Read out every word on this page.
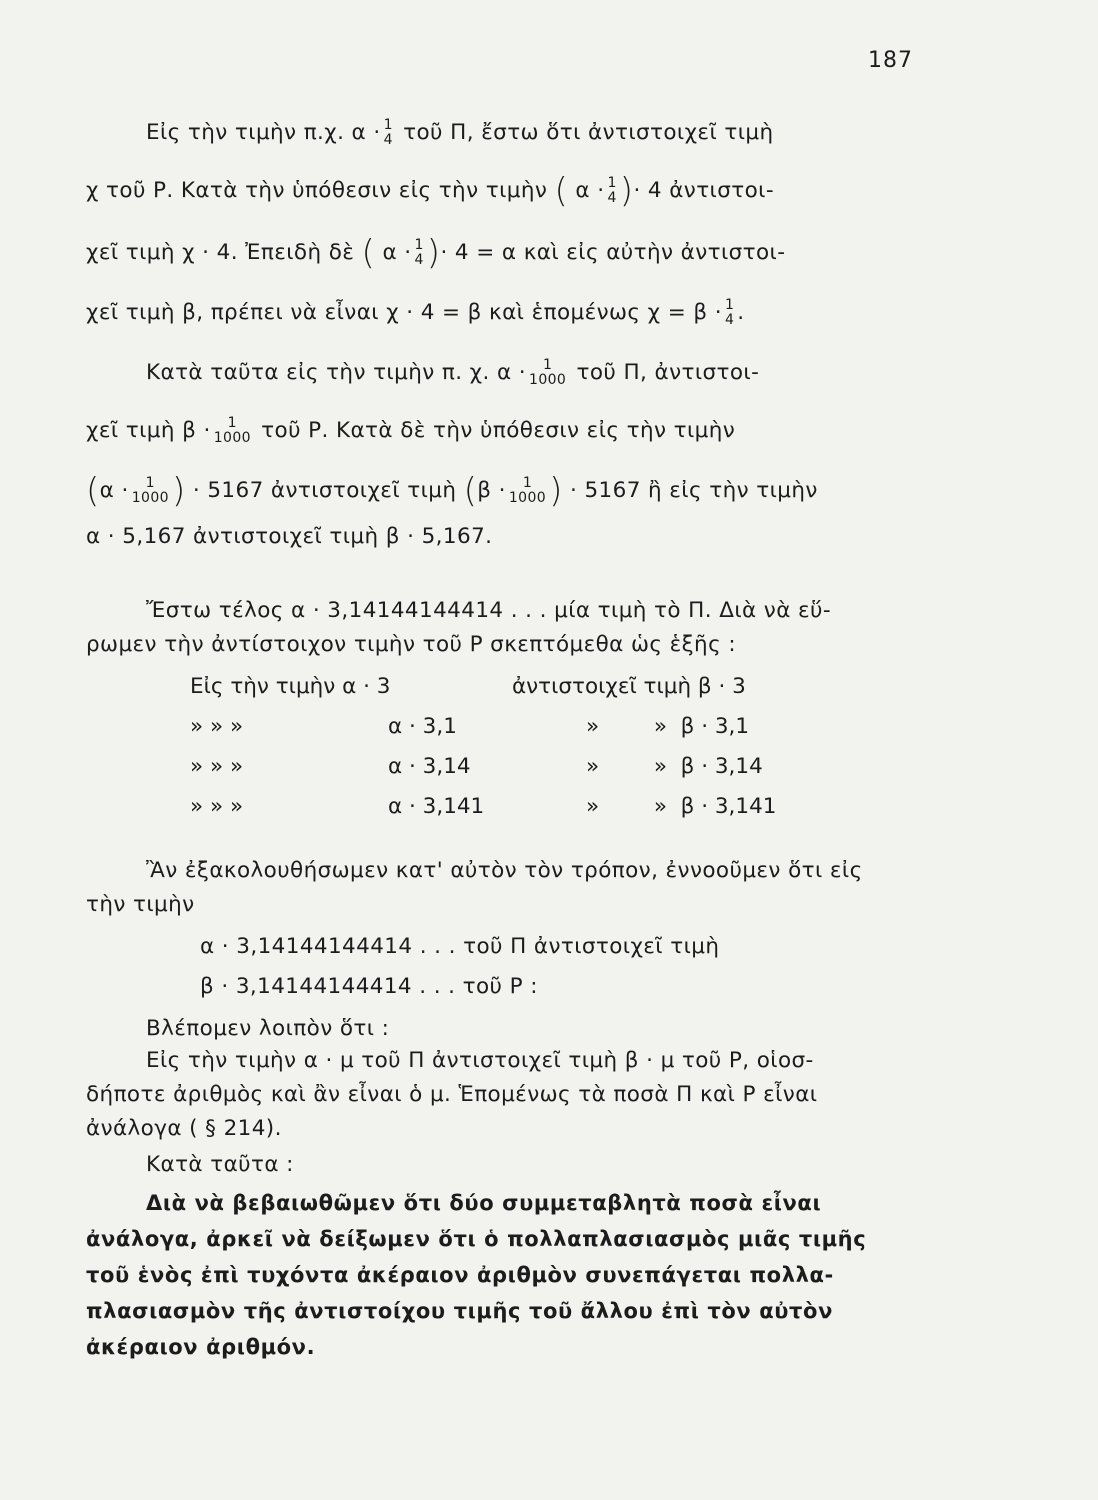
187
Εἰς τὴν τιμὴν π.χ. α · 1
4 τοῦ Π, ἔστω ὅτι ἀντιστοιχεῖ τιμὴ
χ τοῦ Ρ. Κατὰ τὴν ὑπόθεσιν εἰς τὴν τιμὴν ( α · 1
4 )· 4 ἀντιστοι-
χεῖ τιμὴ χ · 4. Ἐπειδὴ δὲ ( α · 1
4 )· 4 = α καὶ εἰς αὐτὴν ἀντιστοι-
χεῖ τιμὴ β, πρέπει νὰ εἶναι χ · 4 = β καὶ ἑπομένως χ = β · 1
4 .
Κατὰ ταῦτα εἰς τὴν τιμὴν π. χ. α ·	1
1000 τοῦ Π, ἀντιστοι-
χεῖ τιμὴ β ·	1
1000 τοῦ Ρ. Κατὰ δὲ τὴν ὑπόθεσιν εἰς τὴν τιμὴν
(α ·	1
1000 ) · 5167 ἀντιστοιχεῖ τιμὴ (β ·	1
1000 ) · 5167 ἢ εἰς τὴν τιμὴν
α · 5,167 ἀντιστοιχεῖ τιμὴ β · 5,167.
Ἔστω τέλος α · 3,14144144414 . . . μία τιμὴ τὸ Π. Διὰ νὰ εὕ-
ρωμεν τὴν ἀντίστοιχον τιμὴν τοῦ Ρ σκεπτόμεθα ὡς ἑξῆς :
Εἰς τὴν τιμὴν α · 3	ἀντιστοιχεῖ τιμὴ β · 3
» » »	α · 3,1	»        »  β · 3,1
» » »	α · 3,14	»        »  β · 3,14
» » »	α · 3,141	»        »  β · 3,141
Ἂν ἐξακολουθήσωμεν κατ' αὐτὸν τὸν τρόπον, ἐννοοῦμεν ὅτι εἰς
τὴν τιμὴν
α · 3,14144144414 . . . τοῦ Π ἀντιστοιχεῖ τιμὴ
β · 3,14144144414 . . . τοῦ Ρ :
Βλέπομεν λοιπὸν ὅτι :
Εἰς τὴν τιμὴν α · μ τοῦ Π ἀντιστοιχεῖ τιμὴ β · μ τοῦ Ρ, οἱοσ-
δήποτε ἀριθμὸς καὶ ἂν εἶναι ὁ μ. Ἑπομένως τὰ ποσὰ Π καὶ Ρ εἶναι
ἀνάλογα ( § 214).
Κατὰ ταῦτα :
Διὰ νὰ βεβαιωθῶμεν ὅτι δύο συμμεταβλητὰ ποσὰ εἶναι
ἀνάλογα, ἀρκεῖ νὰ δείξωμεν ὅτι ὁ πολλαπλασιασμὸς μιᾶς τιμῆς
τοῦ ἑνὸς ἐπὶ τυχόντα ἀκέραιον ἀριθμὸν συνεπάγεται πολλα-
πλασιασμὸν τῆς ἀντιστοίχου τιμῆς τοῦ ἄλλου ἐπὶ τὸν αὐτὸν
ἀκέραιον ἀριθμόν.
